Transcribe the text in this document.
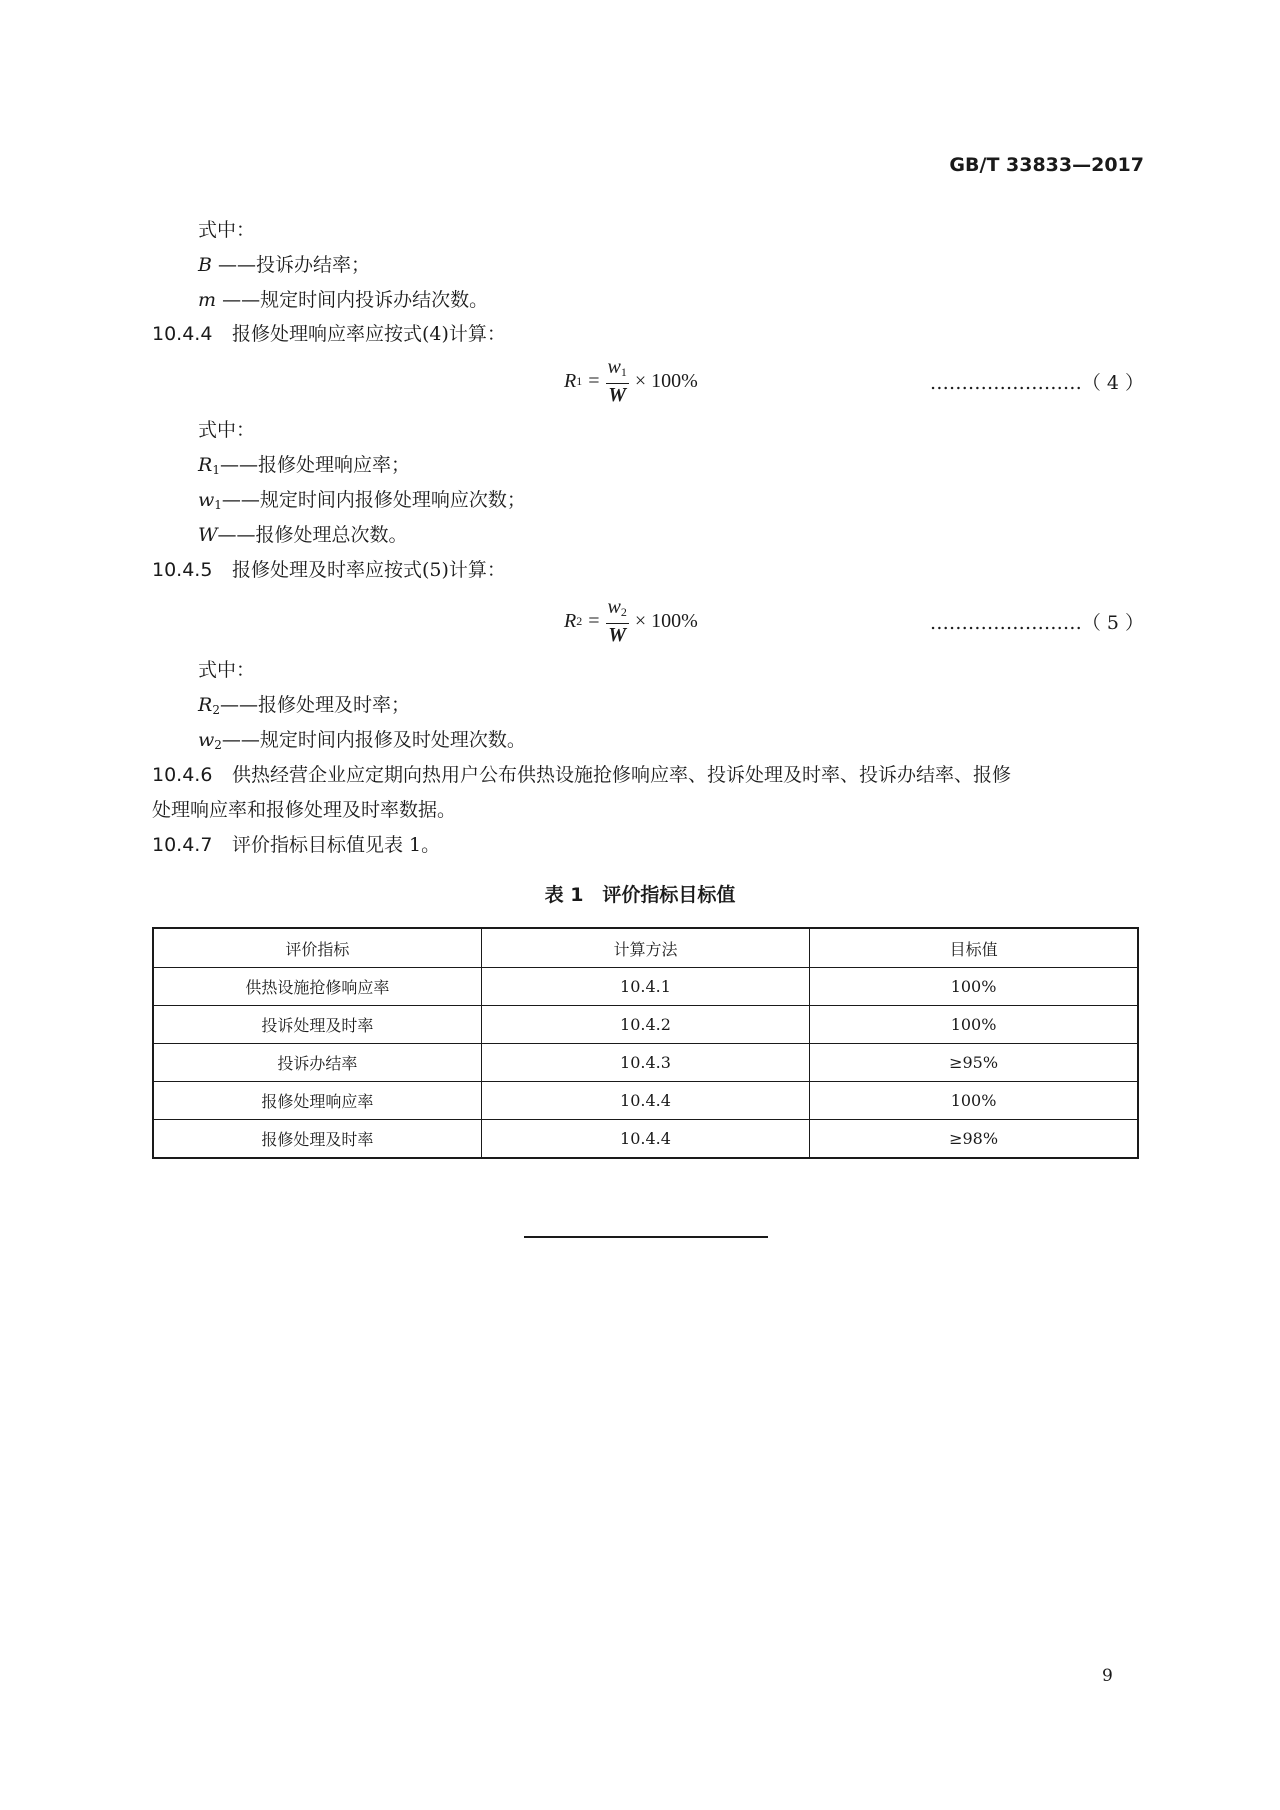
GB/T 33833—2017
式中：
B ——投诉办结率；
m ——规定时间内投诉办结次数。
10.4.4 报修处理响应率应按式(4)计算：
R $1 = \frac{w_1}{W} \times 100\%$	……………………（ 4 ）
式中：
$R_1——$报修处理响应率；
$w_1——$规定时间内报修处理响应次数；
W——报修处理总次数。
10.4.5 报修处理及时率应按式(5)计算：
R $2 = \frac{w_2}{W} \times 100\%$	……………………（ 5 ）
式中：
$R_2——$报修处理及时率；
$w_2——$规定时间内报修及时处理次数。
10.4.6 供热经营企业应定期向热用户公布供热设施抢修响应率、投诉处理及时率、投诉办结率、报修
处理响应率和报修处理及时率数据。
10.4.7 评价指标目标值见表 1。
表 1　评价指标目标值
评价指标	计算方法	目标值
供热设施抢修响应率	10.4.1	100%
投诉处理及时率	10.4.2	100%
投诉办结率	10.4.3	≥95%
报修处理响应率	10.4.4	100%
报修处理及时率	10.4.4	≥98%
9
